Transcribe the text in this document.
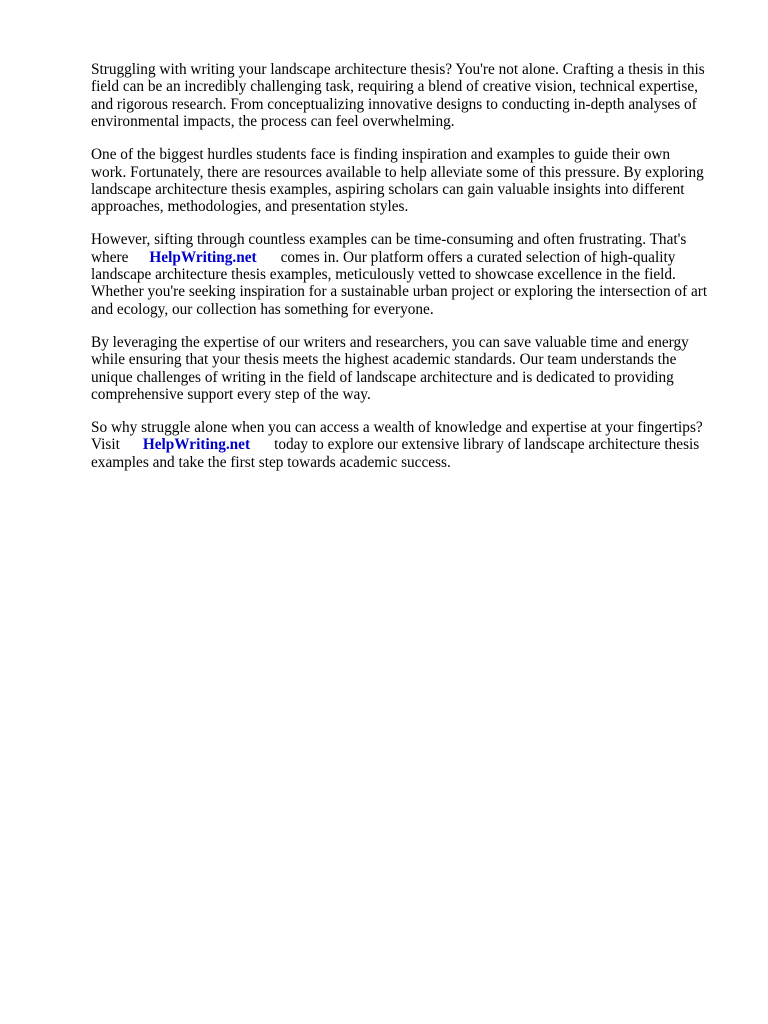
Struggling with writing your landscape architecture thesis? You're not alone. Crafting a thesis in this
field can be an incredibly challenging task, requiring a blend of creative vision, technical expertise,
and rigorous research. From conceptualizing innovative designs to conducting in-depth analyses of
environmental impacts, the process can feel overwhelming.

One of the biggest hurdles students face is finding inspiration and examples to guide their own
work. Fortunately, there are resources available to help alleviate some of this pressure. By exploring
landscape architecture thesis examples, aspiring scholars can gain valuable insights into different
approaches, methodologies, and presentation styles.

However, sifting through countless examples can be time-consuming and often frustrating. That's
where HelpWriting.net comes in. Our platform offers a curated selection of high-quality
landscape architecture thesis examples, meticulously vetted to showcase excellence in the field.
Whether you're seeking inspiration for a sustainable urban project or exploring the intersection of art
and ecology, our collection has something for everyone.

By leveraging the expertise of our writers and researchers, you can save valuable time and energy
while ensuring that your thesis meets the highest academic standards. Our team understands the
unique challenges of writing in the field of landscape architecture and is dedicated to providing
comprehensive support every step of the way.

So why struggle alone when you can access a wealth of knowledge and expertise at your fingertips?
Visit HelpWriting.net today to explore our extensive library of landscape architecture thesis
examples and take the first step towards academic success.
